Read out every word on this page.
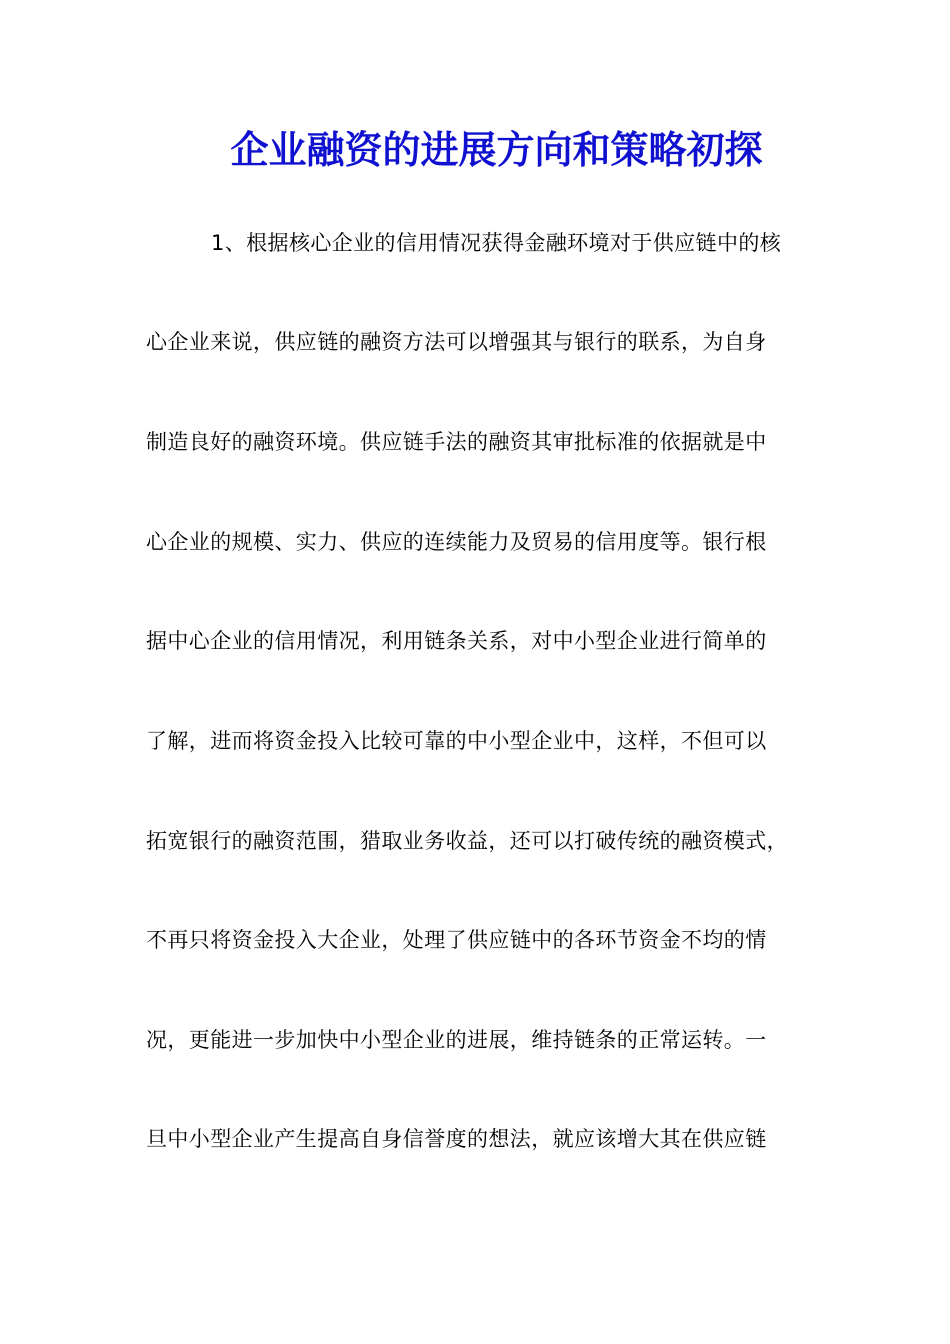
企业融资的进展方向和策略初探
1、根据核心企业的信用情况获得金融环境对于供应链中的核
心企业来说，供应链的融资方法可以增强其与银行的联系，为自身
制造良好的融资环境。供应链手法的融资其审批标准的依据就是中
心企业的规模、实力、供应的连续能力及贸易的信用度等。银行根
据中心企业的信用情况，利用链条关系，对中小型企业进行简单的
了解，进而将资金投入比较可靠的中小型企业中，这样，不但可以
拓宽银行的融资范围，猎取业务收益，还可以打破传统的融资模式，
不再只将资金投入大企业，处理了供应链中的各环节资金不均的情
况，更能进一步加快中小型企业的进展，维持链条的正常运转。一
旦中小型企业产生提高自身信誉度的想法，就应该增大其在供应链
